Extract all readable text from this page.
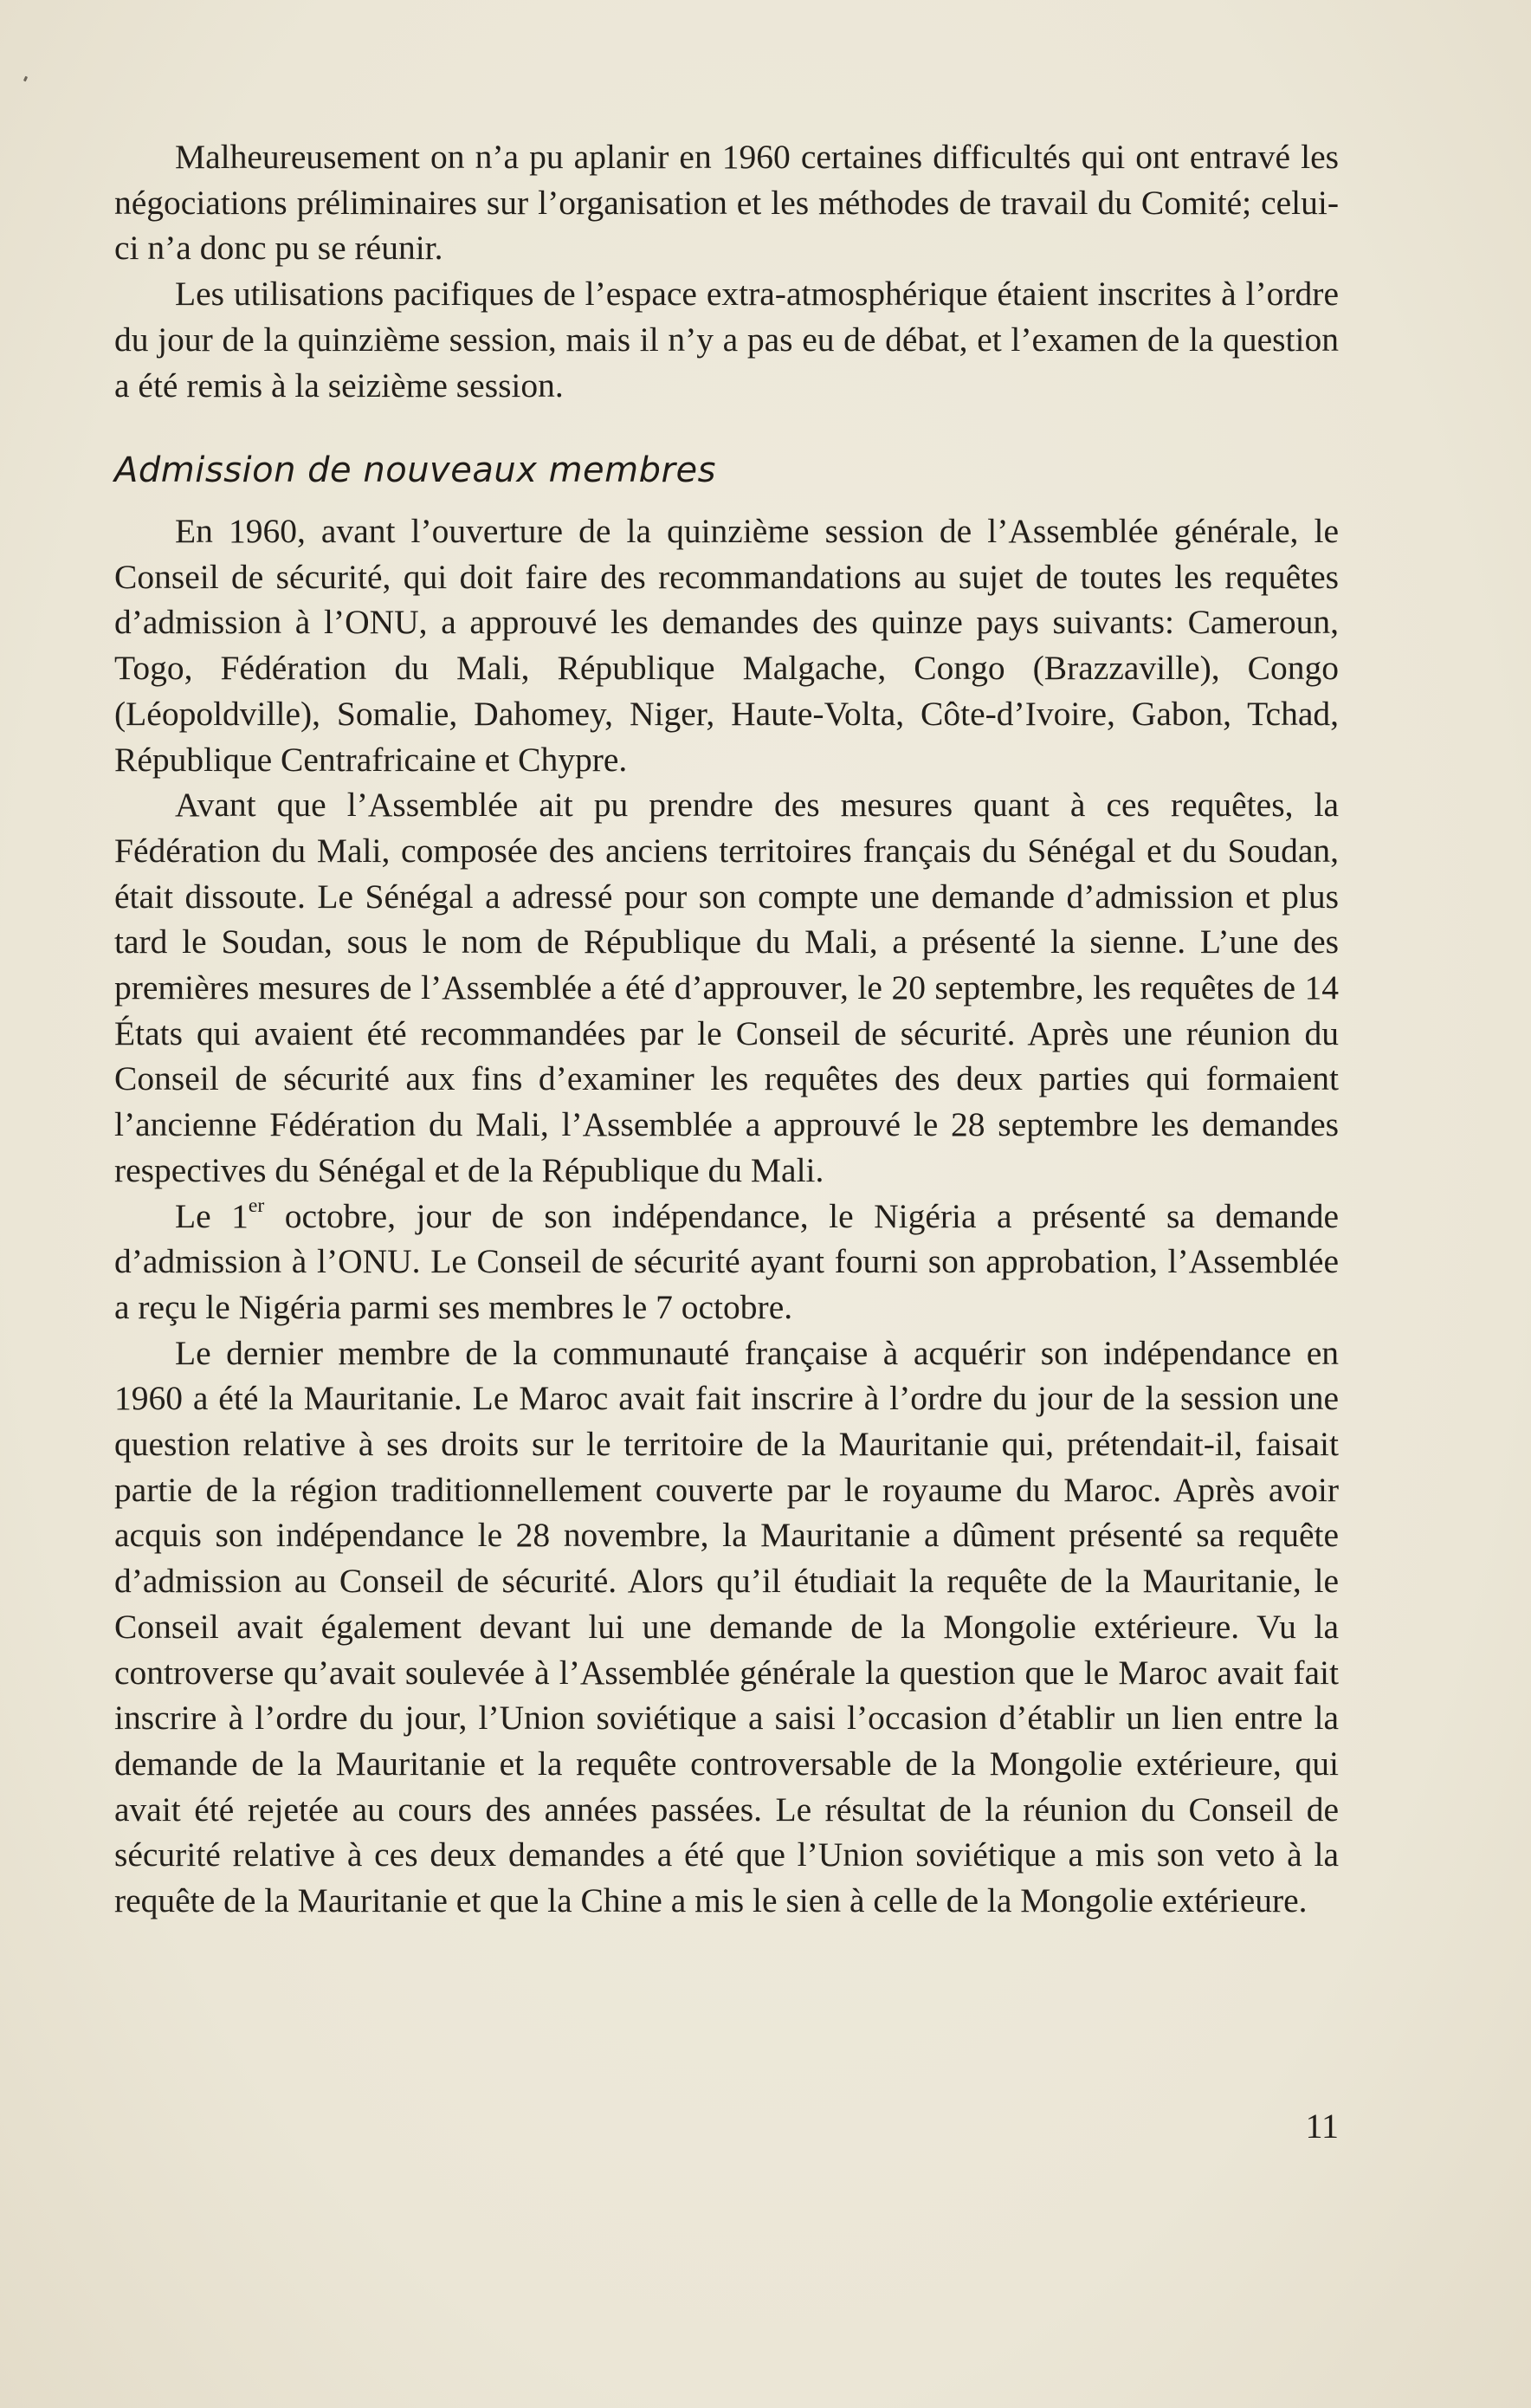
Malheureusement on n’a pu aplanir en 1960 certaines difficultés qui ont entravé les négociations préliminaires sur l’organisation et les méthodes de travail du Comité; celui-ci n’a donc pu se réunir.

Les utilisations pacifiques de l’espace extra-atmosphérique étaient inscrites à l’ordre du jour de la quinzième session, mais il n’y a pas eu de débat, et l’examen de la question a été remis à la seizième session.

Admission de nouveaux membres

En 1960, avant l’ouverture de la quinzième session de l’Assemblée générale, le Conseil de sécurité, qui doit faire des recommandations au sujet de toutes les requêtes d’admission à l’ONU, a approuvé les demandes des quinze pays suivants: Cameroun, Togo, Fédération du Mali, République Malgache, Congo (Brazzaville), Congo (Léopoldville), Somalie, Dahomey, Niger, Haute-Volta, Côte-d’Ivoire, Gabon, Tchad, République Centrafricaine et Chypre.

Avant que l’Assemblée ait pu prendre des mesures quant à ces requêtes, la Fédération du Mali, composée des anciens territoires français du Sénégal et du Soudan, était dissoute. Le Sénégal a adressé pour son compte une demande d’admission et plus tard le Soudan, sous le nom de République du Mali, a présenté la sienne. L’une des premières mesures de l’Assemblée a été d’approuver, le 20 septembre, les requêtes de 14 États qui avaient été recommandées par le Conseil de sécurité. Après une réunion du Conseil de sécurité aux fins d’examiner les requêtes des deux parties qui formaient l’ancienne Fédération du Mali, l’Assemblée a approuvé le 28 septembre les demandes respectives du Sénégal et de la République du Mali.

Le 1er octobre, jour de son indépendance, le Nigéria a présenté sa demande d’admission à l’ONU. Le Conseil de sécurité ayant fourni son approbation, l’Assemblée a reçu le Nigéria parmi ses membres le 7 octobre.

Le dernier membre de la communauté française à acquérir son indépendance en 1960 a été la Mauritanie. Le Maroc avait fait inscrire à l’ordre du jour de la session une question relative à ses droits sur le territoire de la Mauritanie qui, prétendait-il, faisait partie de la région traditionnellement couverte par le royaume du Maroc. Après avoir acquis son indépendance le 28 novembre, la Mauritanie a dûment présenté sa requête d’admission au Conseil de sécurité. Alors qu’il étudiait la requête de la Mauritanie, le Conseil avait également devant lui une demande de la Mongolie extérieure. Vu la controverse qu’avait soulevée à l’Assemblée générale la question que le Maroc avait fait inscrire à l’ordre du jour, l’Union soviétique a saisi l’occasion d’établir un lien entre la demande de la Mauritanie et la requête controversable de la Mongolie extérieure, qui avait été rejetée au cours des années passées. Le résultat de la réunion du Conseil de sécurité relative à ces deux demandes a été que l’Union soviétique a mis son veto à la requête de la Mauritanie et que la Chine a mis le sien à celle de la Mongolie extérieure.

11
